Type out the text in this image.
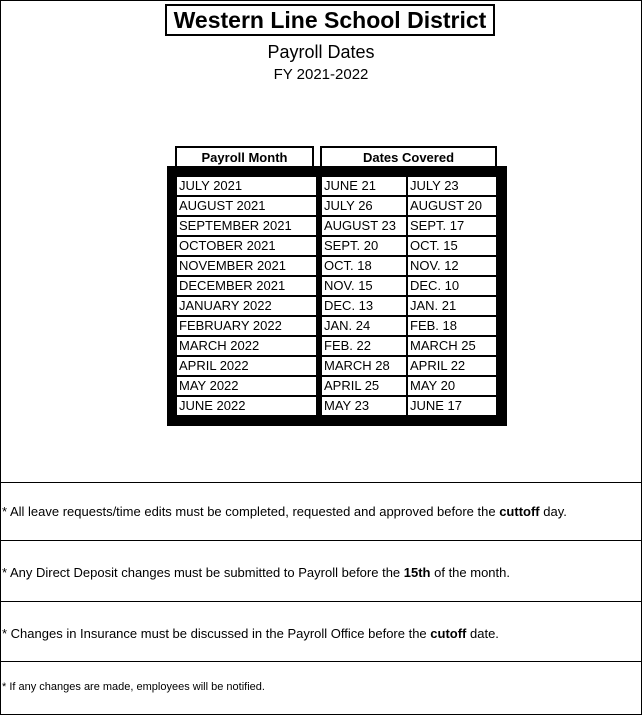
Western Line School District
Payroll Dates
FY 2021-2022
Payroll Month	Dates Covered
JULY 2021	JUNE 21	JULY 23
AUGUST 2021	JULY 26	AUGUST 20
SEPTEMBER 2021	AUGUST 23	SEPT. 17
OCTOBER 2021	SEPT. 20	OCT. 15
NOVEMBER 2021	OCT. 18	NOV. 12
DECEMBER 2021	NOV. 15	DEC. 10
JANUARY 2022	DEC. 13	JAN. 21
FEBRUARY 2022	JAN. 24	FEB. 18
MARCH 2022	FEB. 22	MARCH 25
APRIL 2022	MARCH 28	APRIL 22
MAY 2022	APRIL 25	MAY 20
JUNE 2022	MAY 23	JUNE 17
* All leave requests/time edits must be completed, requested and approved before the cuttoff day.
* Any Direct Deposit changes must be submitted to Payroll before the 15th of the month.
* Changes in Insurance must be discussed in the Payroll Office before the cutoff date.
* If any changes are made, employees will be notified.
